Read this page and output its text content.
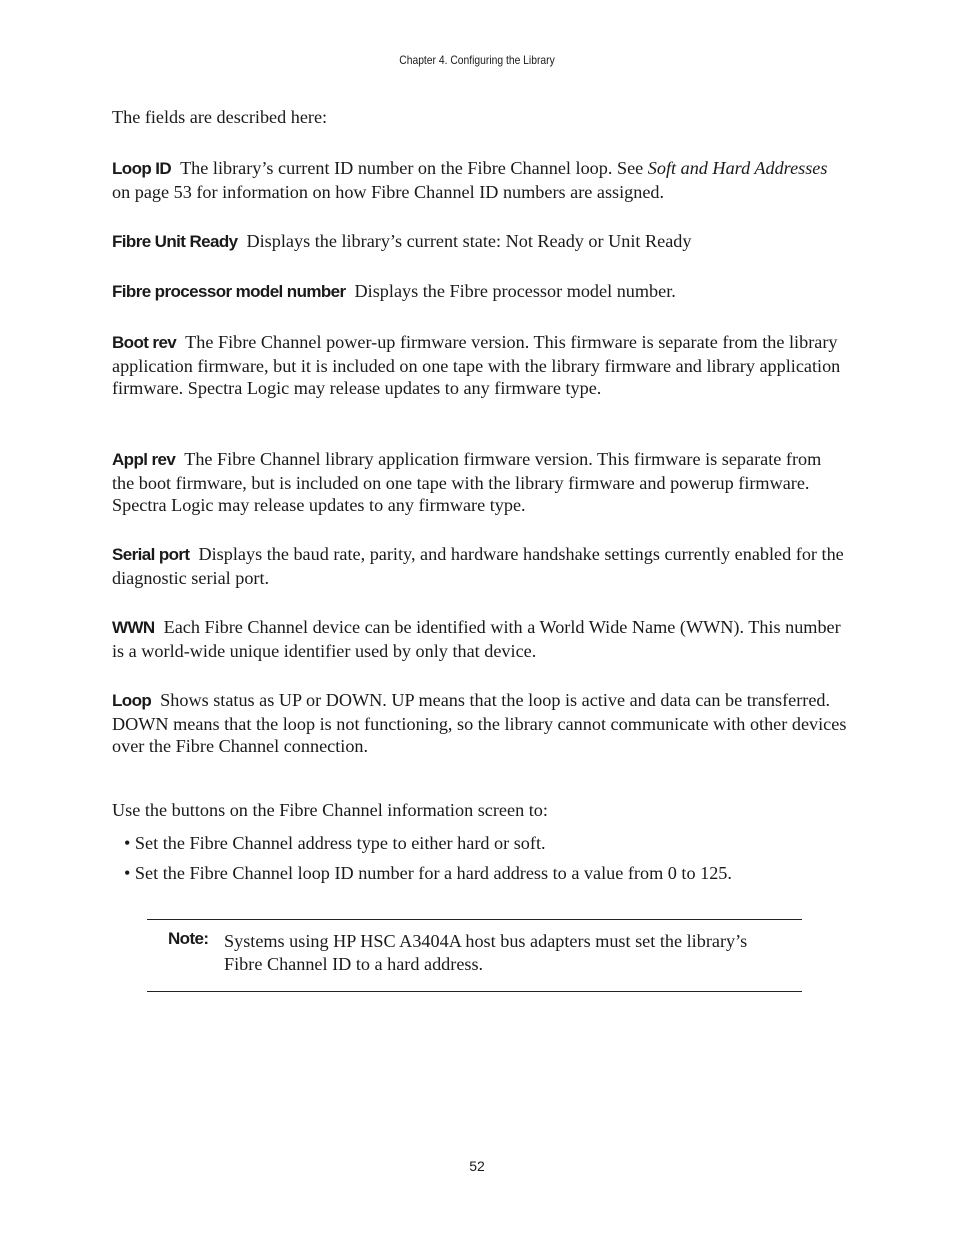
Chapter 4. Configuring the Library

The fields are described here:

Loop ID The library’s current ID number on the Fibre Channel loop. See Soft and Hard Addresses on page 53 for information on how Fibre Channel ID numbers are assigned.

Fibre Unit Ready Displays the library’s current state: Not Ready or Unit Ready

Fibre processor model number Displays the Fibre processor model number.

Boot rev The Fibre Channel power-up firmware version. This firmware is separate from the library application firmware, but it is included on one tape with the library firmware and library application firmware. Spectra Logic may release updates to any firmware type.

Appl rev The Fibre Channel library application firmware version. This firmware is separate from the boot firmware, but is included on one tape with the library firmware and powerup firmware. Spectra Logic may release updates to any firmware type.

Serial port Displays the baud rate, parity, and hardware handshake settings currently enabled for the diagnostic serial port.

WWN Each Fibre Channel device can be identified with a World Wide Name (WWN). This number is a world-wide unique identifier used by only that device.

Loop Shows status as UP or DOWN. UP means that the loop is active and data can be transferred. DOWN means that the loop is not functioning, so the library cannot communicate with other devices over the Fibre Channel connection.

Use the buttons on the Fibre Channel information screen to:

• Set the Fibre Channel address type to either hard or soft.
• Set the Fibre Channel loop ID number for a hard address to a value from 0 to 125.
Note: Systems using HP HSC A3404A host bus adapters must set the library’s Fibre Channel ID to a hard address.
52
